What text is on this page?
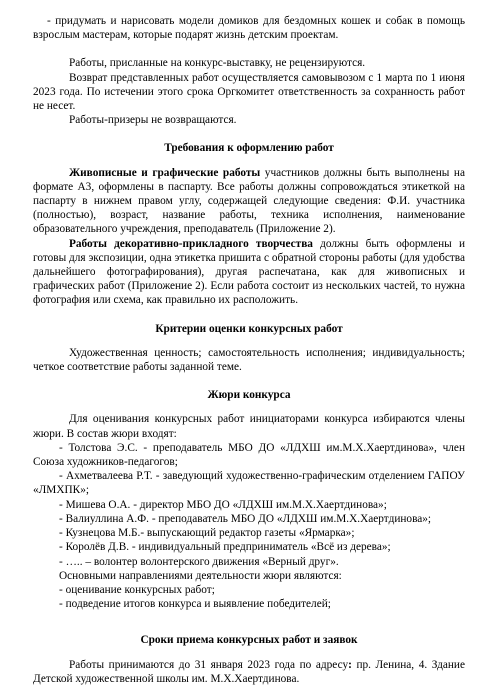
- придумать и нарисовать модели домиков для бездомных кошек и собак в помощь взрослым мастерам, которые подарят жизнь детским проектам.

Работы, присланные на конкурс-выставку, не рецензируются.

Возврат представленных работ осуществляется самовывозом с 1 марта по 1 июня 2023 года. По истечении этого срока Оргкомитет ответственность за сохранность работ не несет.

Работы-призеры не возвращаются.

Требования к оформлению работ

Живописные и графические работы участников должны быть выполнены на формате А3, оформлены в паспарту. Все работы должны сопровождаться этикеткой на паспарту в нижнем правом углу, содержащей следующие сведения: Ф.И. участника (полностью), возраст, название работы, техника исполнения, наименование образовательного учреждения, преподаватель (Приложение 2).

Работы декоративно-прикладного творчества должны быть оформлены и готовы для экспозиции, одна этикетка пришита с обратной стороны работы (для удобства дальнейшего фотографирования), другая распечатана, как для живописных и графических работ (Приложение 2). Если работа состоит из нескольких частей, то нужна фотография или схема, как правильно их расположить.

Критерии оценки конкурсных работ

Художественная ценность; самостоятельность исполнения; индивидуальность; четкое соответствие работы заданной теме.

Жюри конкурса

Для оценивания конкурсных работ инициаторами конкурса избираются члены жюри. В состав жюри входят:

- Толстова Э.С. - преподаватель МБО ДО «ЛДХШ им.М.Х.Хаертдинова», член Союза художников-педагогов;

- Ахметвалеева Р.Т. - заведующий художественно-графическим отделением ГАПОУ «ЛМХПК»;

- Мишева О.А. - директор МБО ДО «ЛДХШ им.М.Х.Хаертдинова»;

- Валиуллина А.Ф. - преподаватель МБО ДО «ЛДХШ им.М.Х.Хаертдинова»;

- Кузнецова М.Б.- выпускающий редактор газеты «Ярмарка»;

- Королёв Д.В. - индивидуальный предприниматель «Всё из дерева»;

- ….. – волонтер волонтерского движения «Верный друг».

Основными направлениями деятельности жюри являются:

- оценивание конкурсных работ;

- подведение итогов конкурса и выявление победителей;

Сроки приема конкурсных работ и заявок

Работы принимаются до 31 января 2023 года по адресу: пр. Ленина, 4. Здание Детской художественной школы им. М.Х.Хаертдинова.
